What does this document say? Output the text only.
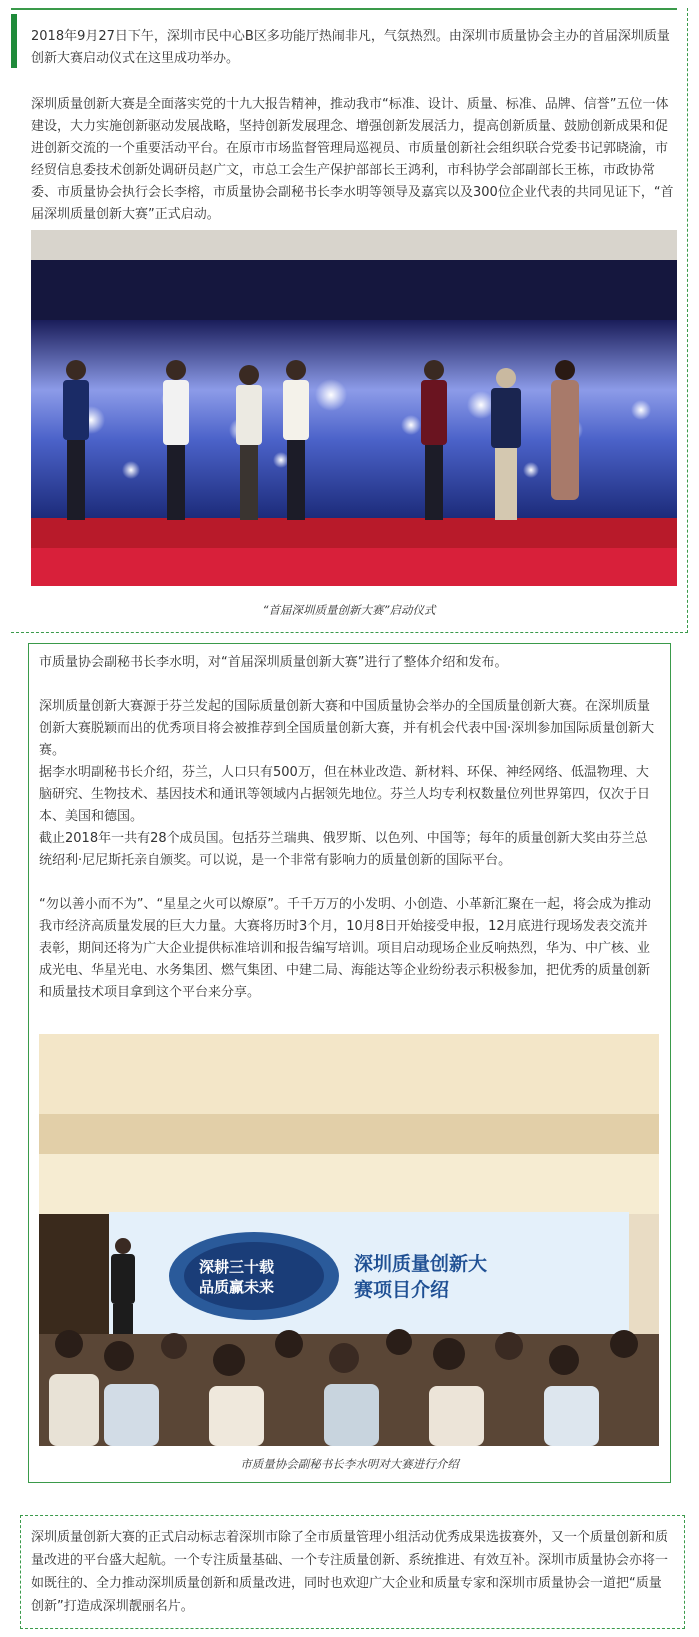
2018年9月27日下午，深圳市民中心B区多功能厅热闹非凡，气氛热烈。由深圳市质量协会主办的首届深圳质量创新大赛启动仪式在这里成功举办。

深圳质量创新大赛是全面落实党的十九大报告精神，推动我市“标准、设计、质量、标准、品牌、信誉”五位一体建设，大力实施创新驱动发展战略，坚持创新发展理念、增强创新发展活力，提高创新质量、鼓励创新成果和促进创新交流的一个重要活动平台。在原市市场监督管理局巡视员、市质量创新社会组织联合党委书记郭晓渝，市经贸信息委技术创新处调研员赵广文，市总工会生产保护部部长王鸿利，市科协学会部副部长王栋，市政协常委、市质量协会执行会长李榕，市质量协会副秘书长李水明等领导及嘉宾以及300位企业代表的共同见证下，“首届深圳质量创新大赛”正式启动。

“首届深圳质量创新大赛”启动仪式

市质量协会副秘书长李水明，对“首届深圳质量创新大赛”进行了整体介绍和发布。

深圳质量创新大赛源于芬兰发起的国际质量创新大赛和中国质量协会举办的全国质量创新大赛。在深圳质量创新大赛脱颖而出的优秀项目将会被推荐到全国质量创新大赛，并有机会代表中国·深圳参加国际质量创新大赛。

据李水明副秘书长介绍，芬兰，人口只有500万，但在林业改造、新材料、环保、神经网络、低温物理、大脑研究、生物技术、基因技术和通讯等领域内占据领先地位。芬兰人均专利权数量位列世界第四，仅次于日本、美国和德国。

截止2018年一共有28个成员国。包括芬兰瑞典、俄罗斯、以色列、中国等；每年的质量创新大奖由芬兰总统绍利·尼尼斯托亲自颁奖。可以说，是一个非常有影响力的质量创新的国际平台。

“勿以善小而不为”、“星星之火可以燎原”。千千万万的小发明、小创造、小革新汇聚在一起，将会成为推动我市经济高质量发展的巨大力量。大赛将历时3个月，10月8日开始接受申报，12月底进行现场发表交流并表彰，期间还将为广大企业提供标准培训和报告编写培训。项目启动现场企业反响热烈，华为、中广核、业成光电、华星光电、水务集团、燃气集团、中建二局、海能达等企业纷纷表示积极参加，把优秀的质量创新和质量技术项目拿到这个平台来分享。

深耕三十载
品质赢未来
深圳质量创新大
赛项目介绍

市质量协会副秘书长李水明对大赛进行介绍

深圳质量创新大赛的正式启动标志着深圳市除了全市质量管理小组活动优秀成果选拔赛外，又一个质量创新和质量改进的平台盛大起航。一个专注质量基础、一个专注质量创新、系统推进、有效互补。深圳市质量协会亦将一如既往的、全力推动深圳质量创新和质量改进，同时也欢迎广大企业和质量专家和深圳市质量协会一道把“质量创新”打造成深圳靓丽名片。
